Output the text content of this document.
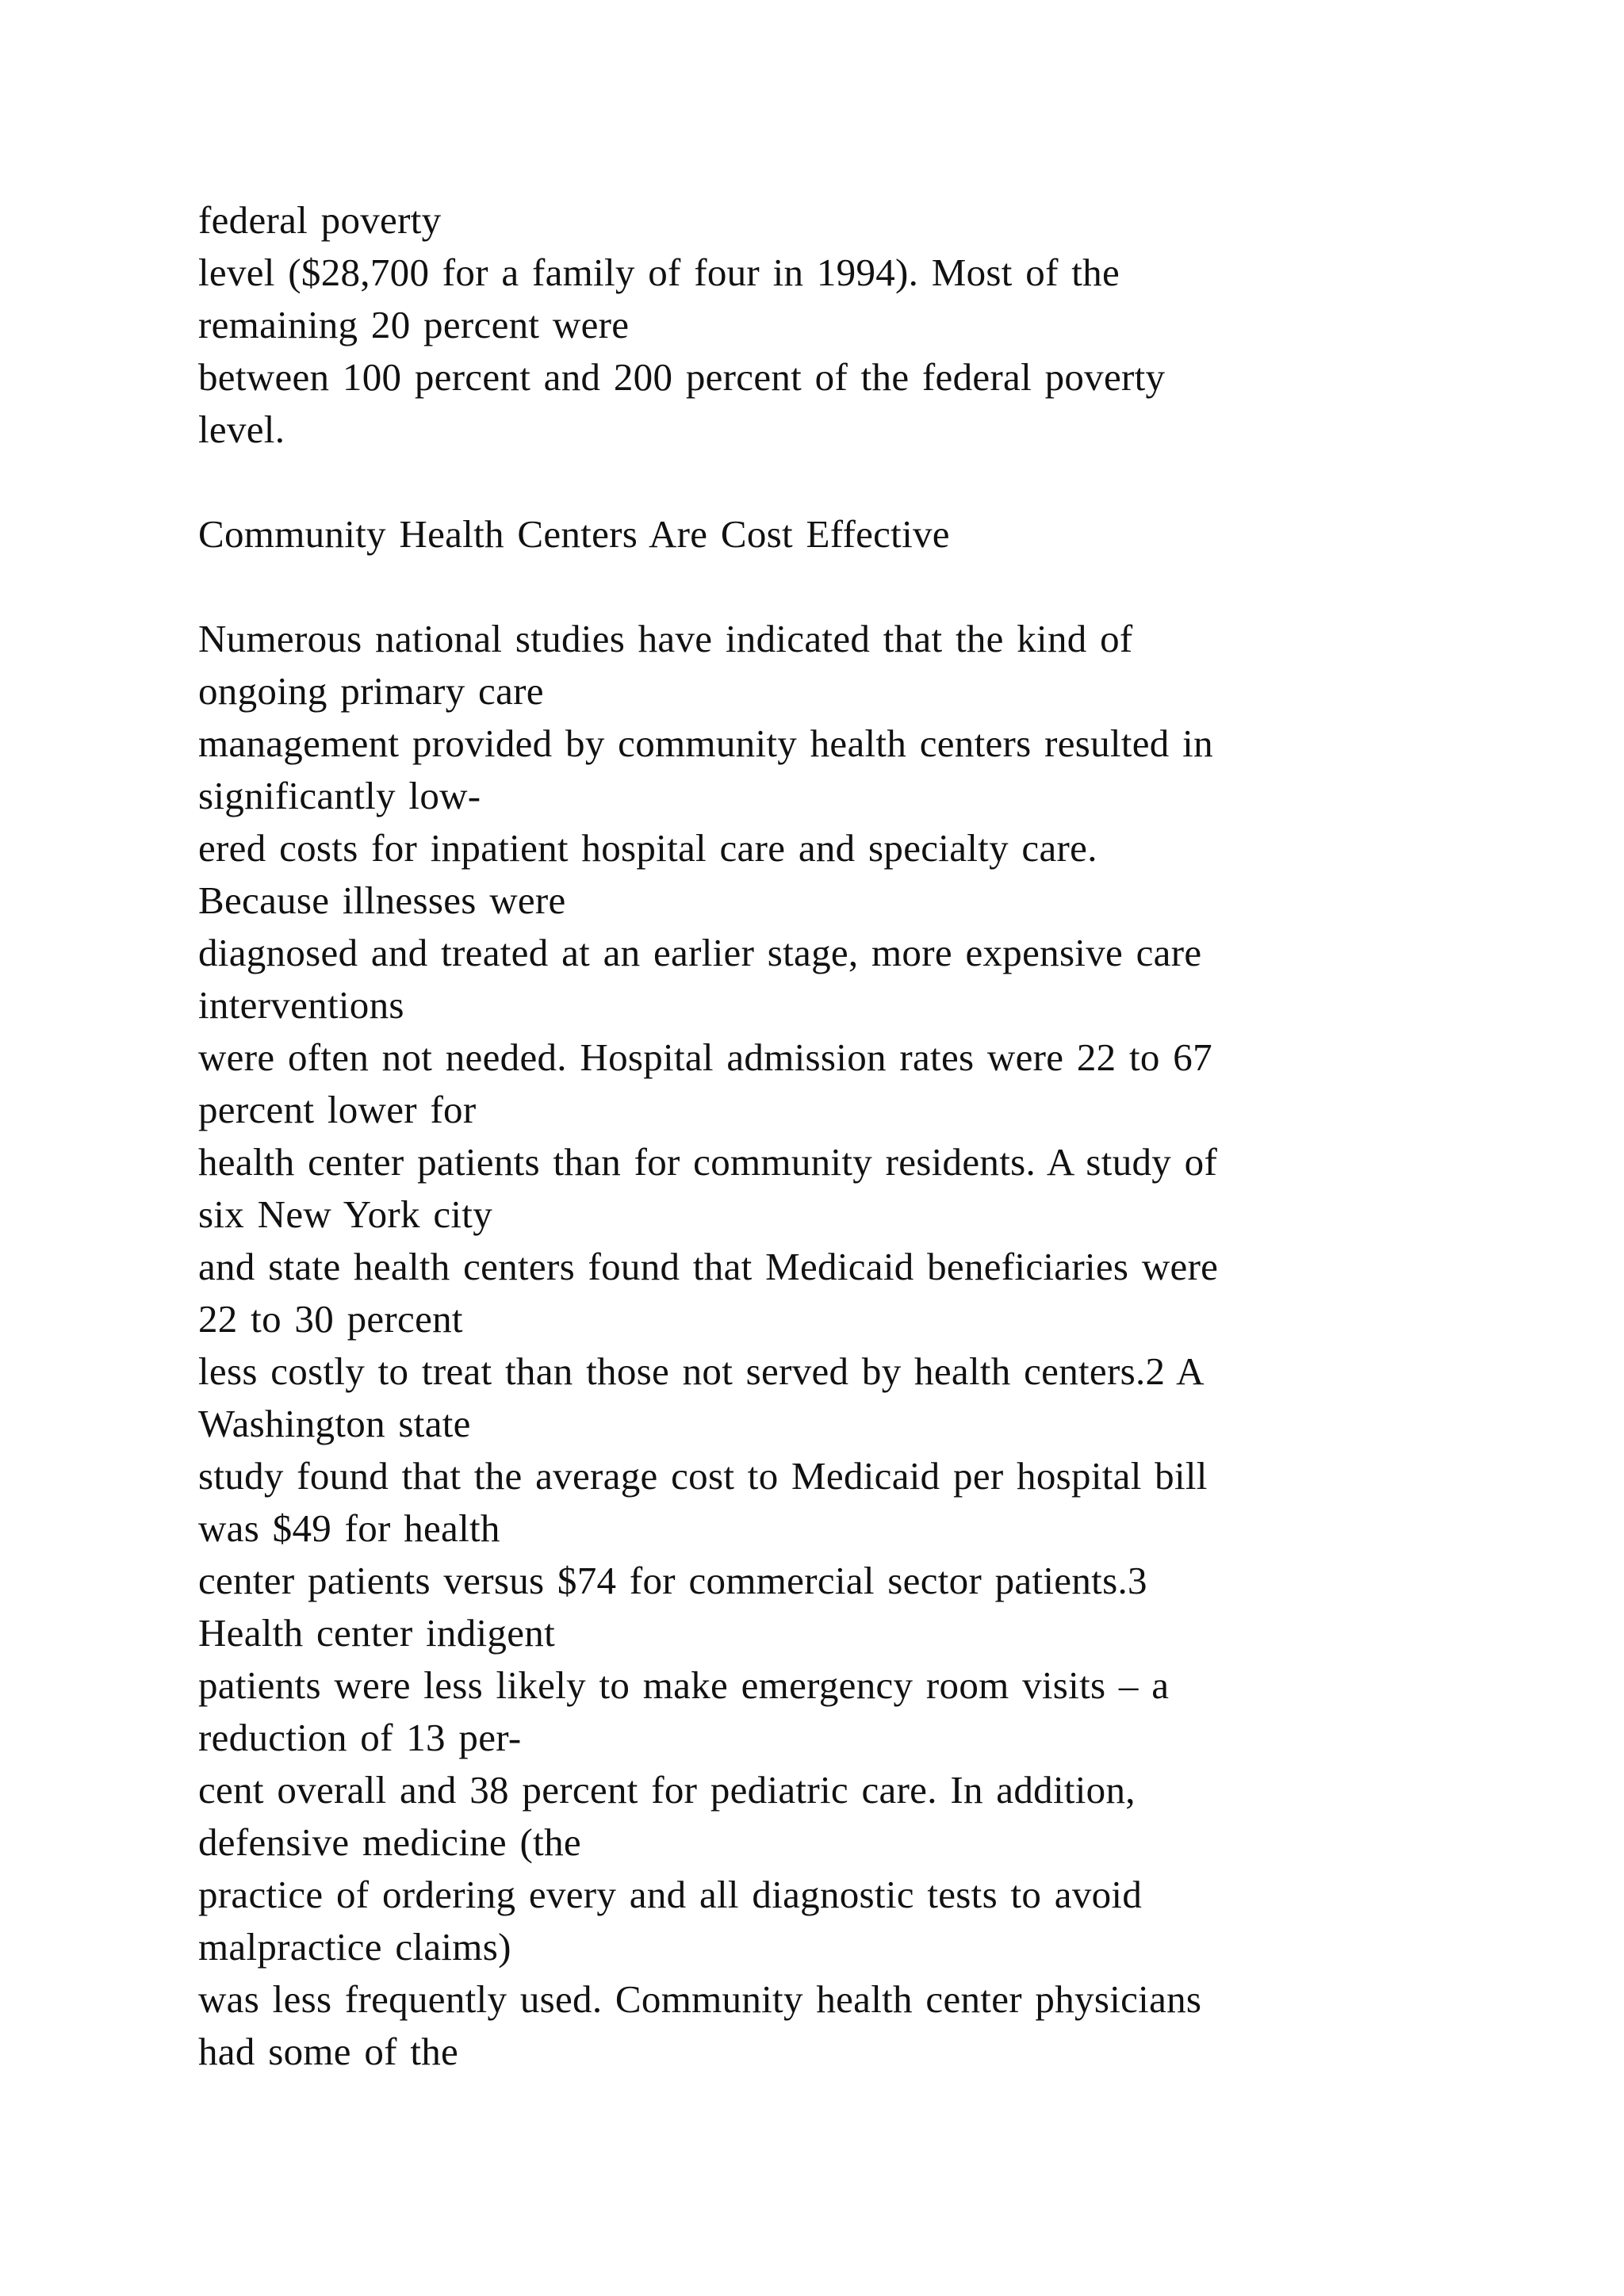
federal poverty
level ($28,700 for a family of four in 1994). Most of the
remaining 20 percent were
between 100 percent and 200 percent of the federal poverty
level.
Community Health Centers Are Cost Effective
Numerous national studies have indicated that the kind of
ongoing primary care
management provided by community health centers resulted in
significantly low-
ered costs for inpatient hospital care and specialty care.
Because illnesses were
diagnosed and treated at an earlier stage, more expensive care
interventions
were often not needed. Hospital admission rates were 22 to 67
percent lower for
health center patients than for community residents. A study of
six New York city
and state health centers found that Medicaid beneficiaries were
22 to 30 percent
less costly to treat than those not served by health centers.2 A
Washington state
study found that the average cost to Medicaid per hospital bill
was $49 for health
center patients versus $74 for commercial sector patients.3
Health center indigent
patients were less likely to make emergency room visits – a
reduction of 13 per-
cent overall and 38 percent for pediatric care. In addition,
defensive medicine (the
practice of ordering every and all diagnostic tests to avoid
malpractice claims)
was less frequently used. Community health center physicians
had some of the
